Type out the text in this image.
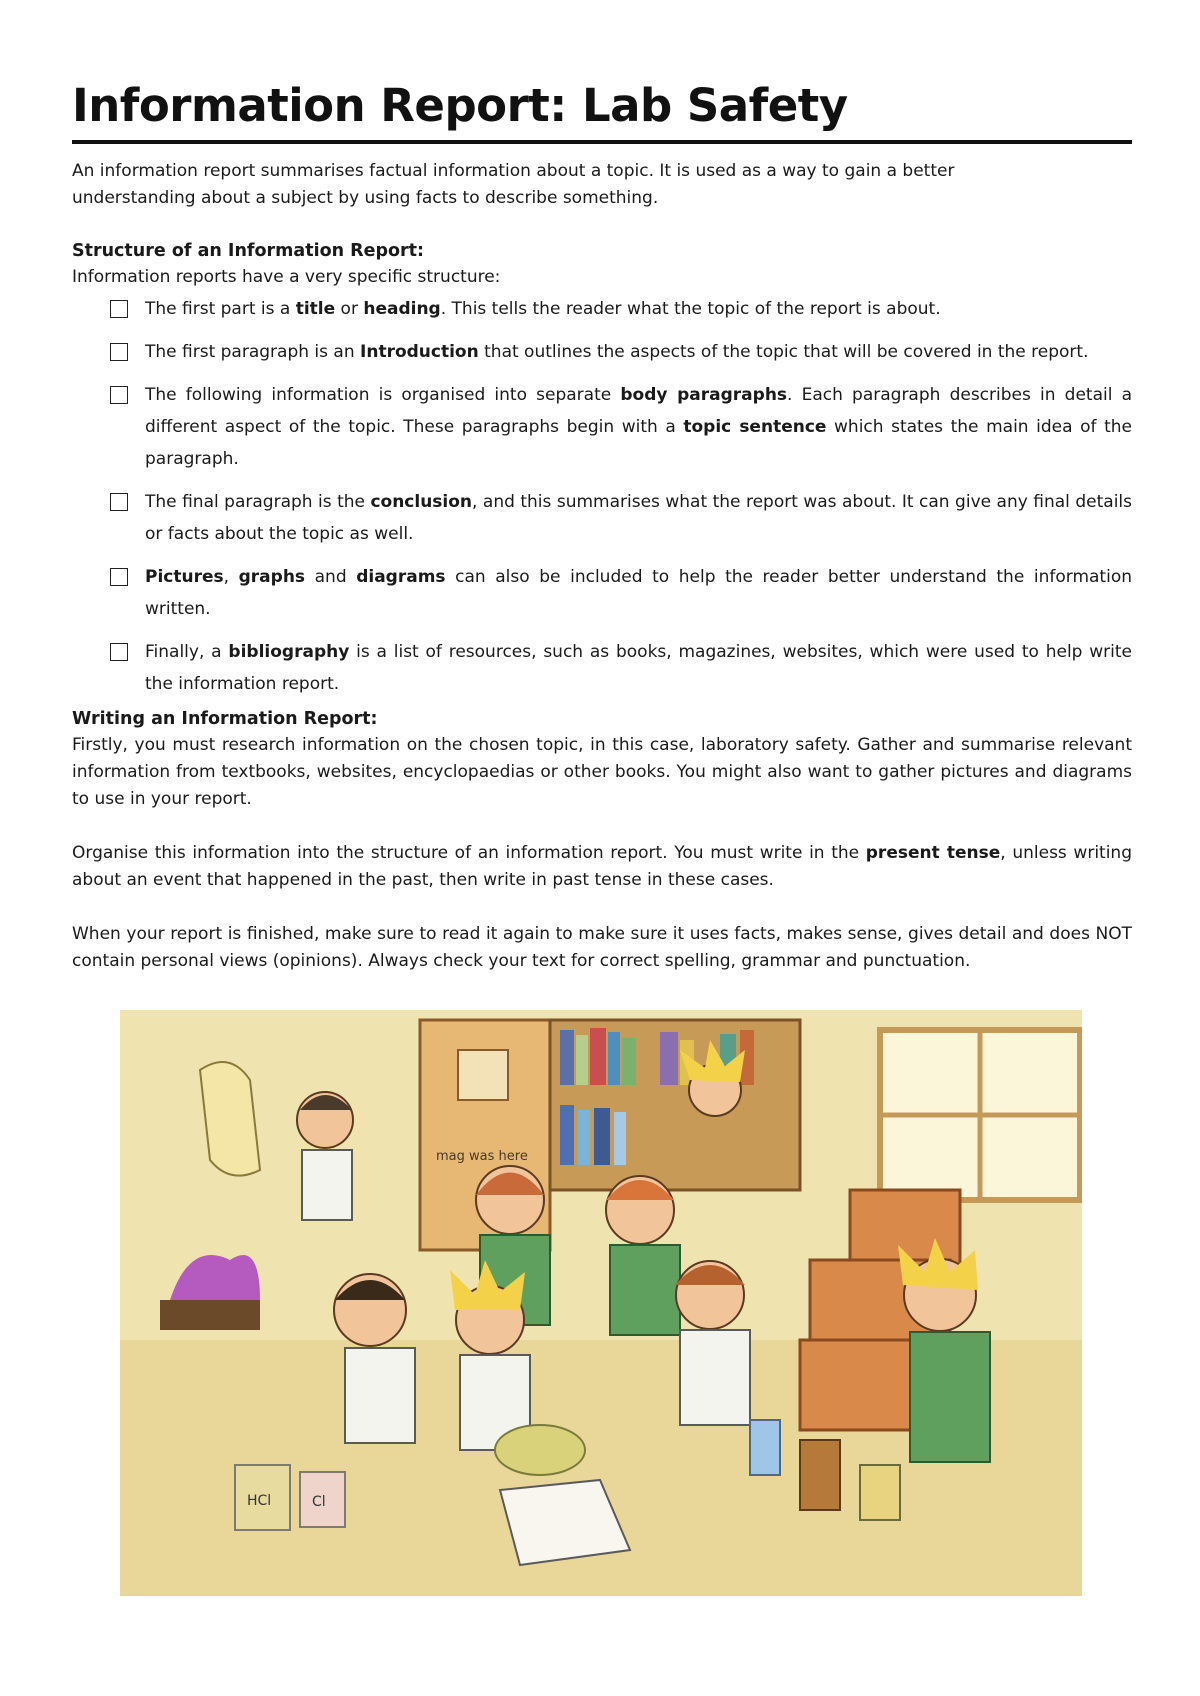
Information Report: Lab Safety
An information report summarises factual information about a topic. It is used as a way to gain a better
understanding about a subject by using facts to describe something.
Structure of an Information Report:
Information reports have a very specific structure:
The first part is a title or heading. This tells the reader what the topic of the report is about.
The first paragraph is an Introduction that outlines the aspects of the topic that will be covered in the report.
The following information is organised into separate body paragraphs. Each paragraph describes in detail a different aspect of the topic. These paragraphs begin with a topic sentence which states the main idea of the paragraph.
The final paragraph is the conclusion, and this summarises what the report was about. It can give any final details or facts about the topic as well.
Pictures, graphs and diagrams can also be included to help the reader better understand the information written.
Finally, a bibliography is a list of resources, such as books, magazines, websites, which were used to help write the information report.
Writing an Information Report:

Firstly, you must research information on the chosen topic, in this case, laboratory safety. Gather and summarise relevant information from textbooks, websites, encyclopaedias or other books. You might also want to gather pictures and diagrams to use in your report.

Organise this information into the structure of an information report. You must write in the present tense, unless writing about an event that happened in the past, then write in past tense in these cases.

When your report is finished, make sure to read it again to make sure it uses facts, makes sense, gives detail and does NOT contain personal views (opinions). Always check your text for correct spelling, grammar and punctuation.

mag was here
HCl	Cl
